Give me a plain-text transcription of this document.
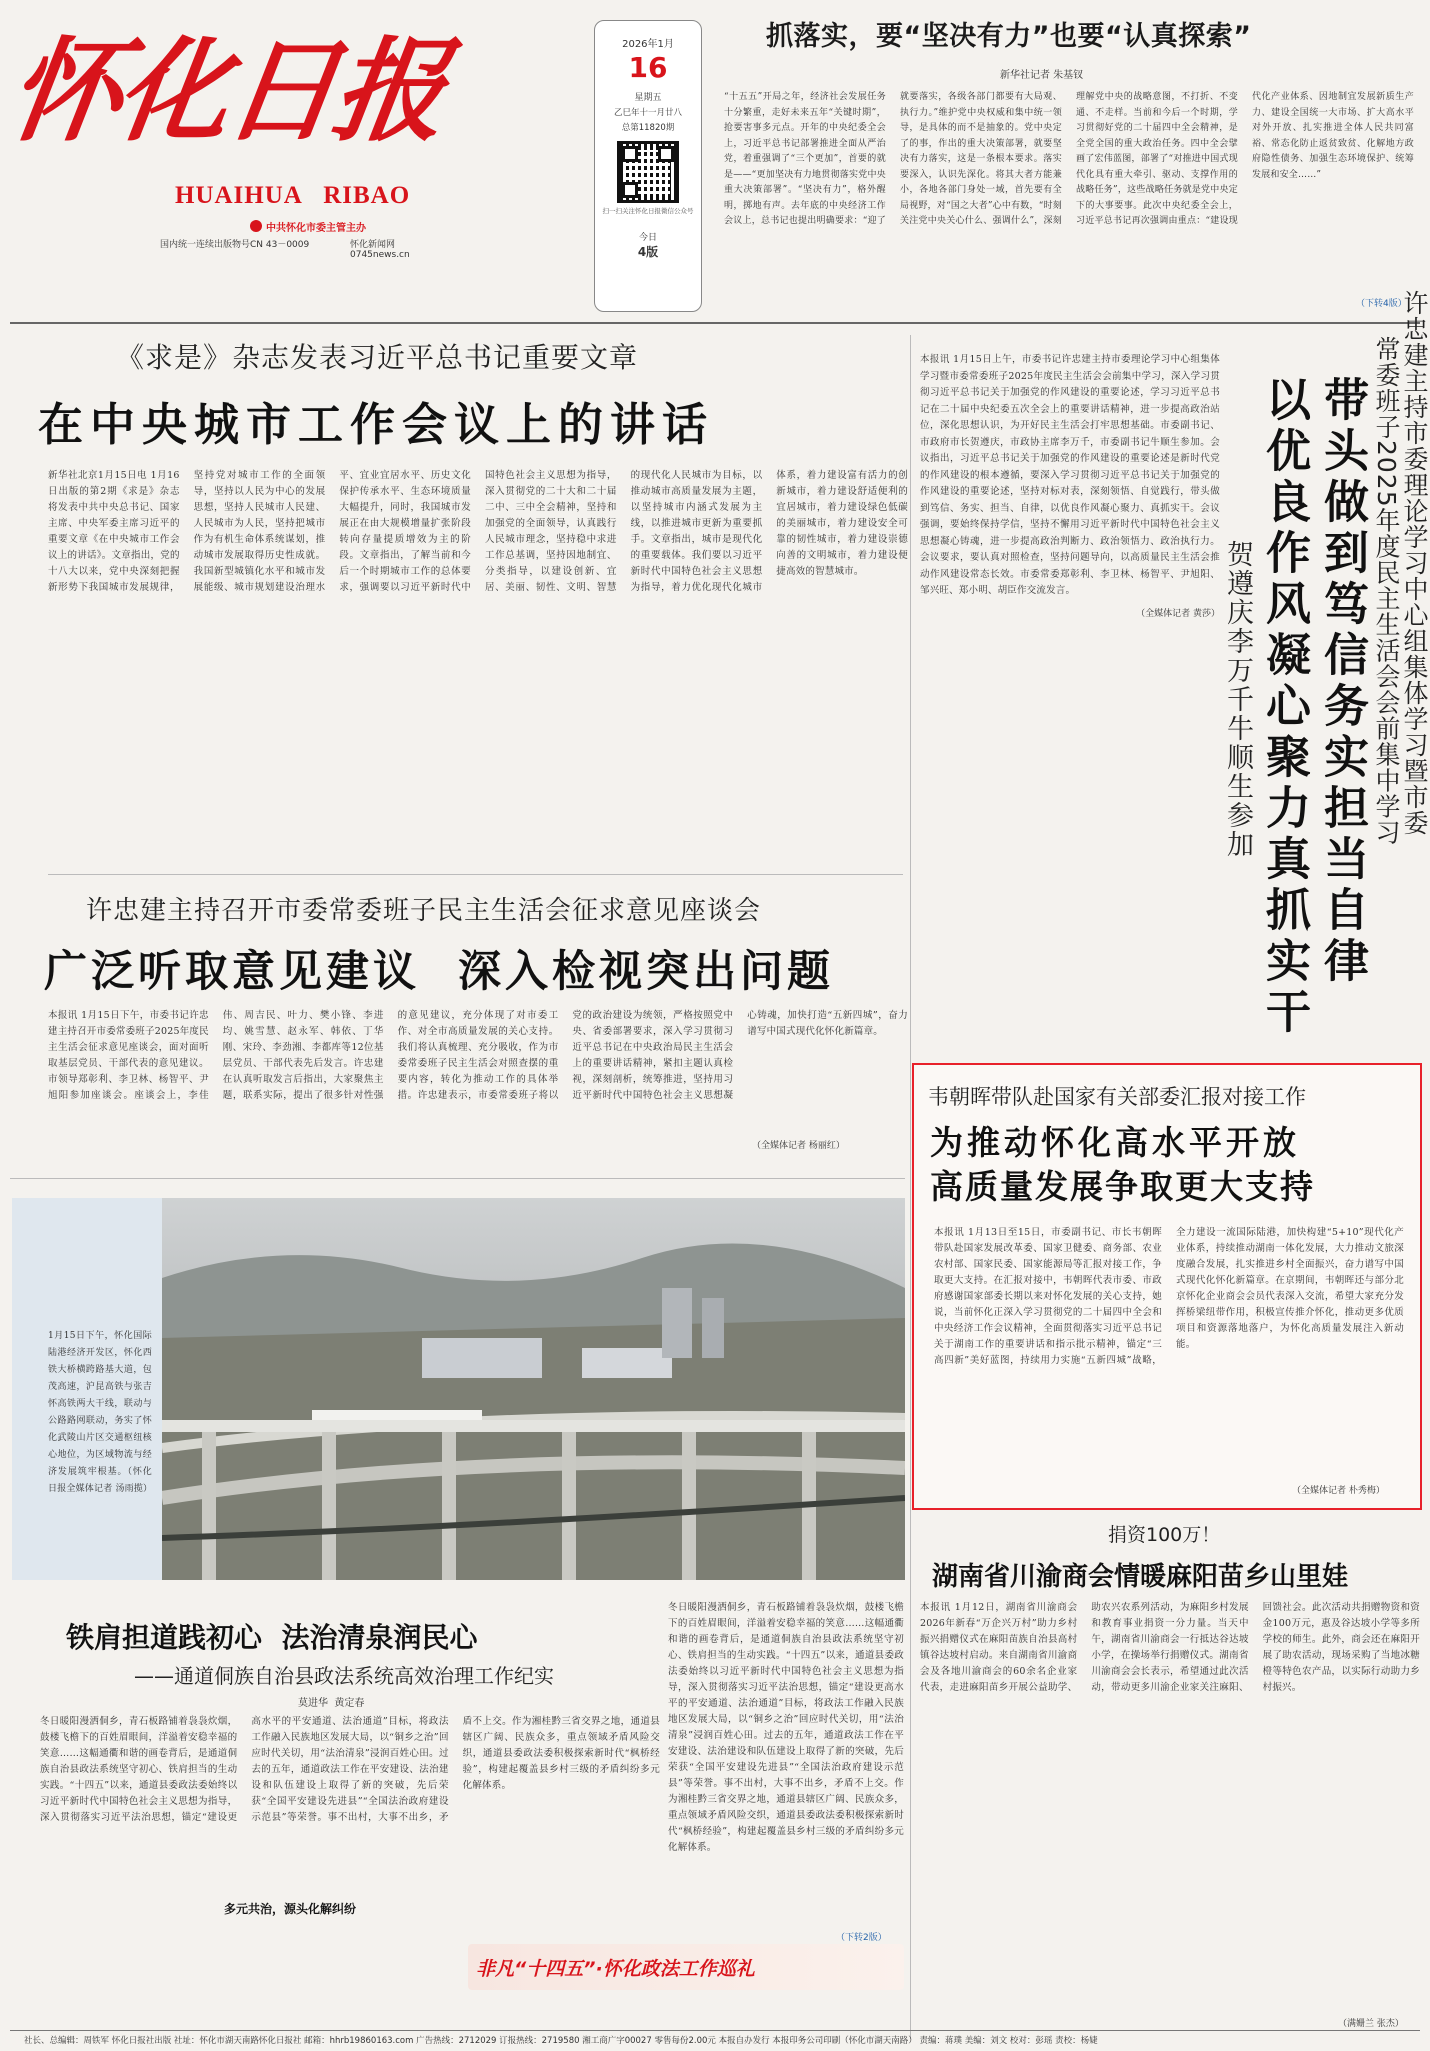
怀化日报
HUAIHUA   RIBAO
中共怀化市委主管主办
国内统一连续出版物号CN 43－0009	怀化新闻网0745news.cn
2026年1月
16
星期五
乙巳年十一月廿八
总第11820期
扫一扫关注怀化日报微信公众号
今日
4版
抓落实，要“坚决有力”也要“认真探索”
新华社记者 朱基钗
“十五五”开局之年，经济社会发展任务十分繁重，走好未来五年“关键时期”，抢要害事多元点。开年的中央纪委全会上，习近平总书记部署推进全面从严治党，着重强调了“三个更加”，首要的就是——“更加坚决有力地贯彻落实党中央重大决策部署”。“坚决有力”，格外醒明，掷地有声。去年底的中央经济工作会议上，总书记也提出明确要求：“迎了就要落实，各级各部门都要有大局观、执行力。”维护党中央权威和集中统一领导，是具体的而不是抽象的。党中央定了的事，作出的重大决策部署，就要坚决有力落实，这是一条根本要求。落实要深入，认识先深化。将其大者方能兼小，各地各部门身处一域，首先要有全局视野，对“国之大者”心中有数，“时刻关注党中央关心什么、强调什么”，深刻理解党中央的战略意图，不打折、不变通、不走样。当前和今后一个时期，学习贯彻好党的二十届四中全会精神，是全党全国的重大政治任务。四中全会擘画了宏伟蓝图，部署了“对推进中国式现代化具有重大牵引、驱动、支撑作用的战略任务”，这些战略任务就是党中央定下的大事要事。此次中央纪委全会上，习近平总书记再次强调由重点：“建设现代化产业体系、因地制宜发展新质生产力、建设全国统一大市场、扩大高水平对外开放、扎实推进全体人民共同富裕、常态化防止返贫致贫、化解地方政府隐性债务、加强生态环境保护、统筹发展和安全……”
（下转4版）
《求是》杂志发表习近平总书记重要文章
在中央城市工作会议上的讲话
新华社北京1月15日电 1月16日出版的第2期《求是》杂志将发表中共中央总书记、国家主席、中央军委主席习近平的重要文章《在中央城市工作会议上的讲话》。文章指出，党的十八大以来，党中央深刻把握新形势下我国城市发展规律，坚持党对城市工作的全面领导，坚持以人民为中心的发展思想，坚持人民城市人民建、人民城市为人民，坚持把城市作为有机生命体系统谋划，推动城市发展取得历史性成就。我国新型城镇化水平和城市发展能级、城市规划建设治理水平、宜业宜居水平、历史文化保护传承水平、生态环境质量大幅提升，同时，我国城市发展正在由大规模增量扩张阶段转向存量提质增效为主的阶段。文章指出，了解当前和今后一个时期城市工作的总体要求，强调要以习近平新时代中国特色社会主义思想为指导，深入贯彻党的二十大和二十届二中、三中全会精神，坚持和加强党的全面领导，认真践行人民城市理念，坚持稳中求进工作总基调，坚持因地制宜、分类指导，以建设创新、宜居、美丽、韧性、文明、智慧的现代化人民城市为目标，以推动城市高质量发展为主题，以坚持城市内涵式发展为主线，以推进城市更新为重要抓手。文章指出，城市是现代化的重要载体。我们要以习近平新时代中国特色社会主义思想为指导，着力优化现代化城市体系，着力建设富有活力的创新城市，着力建设舒适便利的宜居城市，着力建设绿色低碳的美丽城市，着力建设安全可靠的韧性城市，着力建设崇德向善的文明城市，着力建设便捷高效的智慧城市。
本报讯 1月15日上午，市委书记许忠建主持市委理论学习中心组集体学习暨市委常委班子2025年度民主生活会会前集中学习，深入学习贯彻习近平总书记关于加强党的作风建设的重要论述，学习习近平总书记在二十届中央纪委五次全会上的重要讲话精神，进一步提高政治站位，深化思想认识，为开好民主生活会打牢思想基础。市委副书记、市政府市长贺遵庆，市政协主席李万千，市委副书记牛顺生参加。会议指出，习近平总书记关于加强党的作风建设的重要论述是新时代党的作风建设的根本遵循，要深入学习贯彻习近平总书记关于加强党的作风建设的重要论述，坚持对标对表，深刻领悟、自觉践行，带头做到笃信、务实、担当、自律，以优良作风凝心聚力、真抓实干。会议强调，要始终保持学信，坚持不懈用习近平新时代中国特色社会主义思想凝心铸魂，进一步提高政治判断力、政治领悟力、政治执行力。会议要求，要认真对照检查，坚持问题导向，以高质量民主生活会推动作风建设常态长效。市委常委郑彰利、李卫林、杨智平、尹旭阳、邹兴旺、郑小明、胡臣作交流发言。
（全媒体记者 黄莎） 贺遵庆李万千牛顺生参加 以优良作风凝心聚力真抓实干 带头做到笃信务实担当自律 常委班子2025年度民主生活会会前集中学习 许忠建主持市委理论学习中心组集体学习暨市委
许忠建主持召开市委常委班子民主生活会征求意见座谈会
广泛听取意见建议  深入检视突出问题
本报讯 1月15日下午，市委书记许忠建主持召开市委常委班子2025年度民主生活会征求意见座谈会，面对面听取基层党员、干部代表的意见建议。市领导郑彰利、李卫林、杨智平、尹旭阳参加座谈会。座谈会上，李佳伟、周吉民、叶力、樊小锋、李进均、姚雪慧、赵永军、韩依、丁华刚、宋玲、李劲湘、李都库等12位基层党员、干部代表先后发言。许忠建在认真听取发言后指出，大家聚焦主题，联系实际，提出了很多针对性强的意见建议，充分体现了对市委工作、对全市高质量发展的关心支持。我们将认真梳理、充分吸收，作为市委常委班子民主生活会对照查摆的重要内容，转化为推动工作的具体举措。许忠建表示，市委常委班子将以党的政治建设为统领，严格按照党中央、省委部署要求，深入学习贯彻习近平总书记在中央政治局民主生活会上的重要讲话精神，紧扣主题认真检视，深刻剖析，统筹推进，坚持用习近平新时代中国特色社会主义思想凝心铸魂，加快打造“五新四城”，奋力谱写中国式现代化怀化新篇章。
（全媒体记者 杨丽红）
1月15日下午，怀化国际陆港经济开发区，怀化西铁大桥横跨路基大道，包茂高速，沪昆高铁与张吉怀高铁两大干线，联动与公路路网联动，务实了怀化武陵山片区交通枢纽核心地位，为区域物流与经济发展筑牢根基。（怀化日报全媒体记者 汤雨揽）
韦朝晖带队赴国家有关部委汇报对接工作
为推动怀化高水平开放
高质量发展争取更大支持
本报讯 1月13日至15日，市委副书记、市长韦朝晖带队赴国家发展改革委、国家卫健委、商务部、农业农村部、国家民委、国家能源局等汇报对接工作，争取更大支持。在汇报对接中，韦朝晖代表市委、市政府感谢国家部委长期以来对怀化发展的关心支持，她说，当前怀化正深入学习贯彻党的二十届四中全会和中央经济工作会议精神，全面贯彻落实习近平总书记关于湖南工作的重要讲话和指示批示精神，锚定“三高四新”美好蓝图，持续用力实施“五新四城”战略，全力建设一流国际陆港，加快构建“5+10”现代化产业体系，持续推动湖南一体化发展，大力推动文旅深度融合发展，扎实推进乡村全面振兴，奋力谱写中国式现代化怀化新篇章。在京期间，韦朝晖还与部分北京怀化企业商会会员代表深入交流，希望大家充分发挥桥梁纽带作用，积极宣传推介怀化，推动更多优质项目和资源落地落户，为怀化高质量发展注入新动能。
（全媒体记者 朴秀梅）
捐资100万！
湖南省川渝商会情暖麻阳苗乡山里娃
本报讯 1月12日，湖南省川渝商会2026年新春“万企兴万村”助力乡村振兴捐赠仪式在麻阳苗族自治县高村镇谷达坡村启动。来自湖南省川渝商会及各地川渝商会的60余名企业家代表，走进麻阳苗乡开展公益助学、助农兴农系列活动，为麻阳乡村发展和教育事业捐资一分力量。当天中午，湖南省川渝商会一行抵达谷达坡小学，在操场举行捐赠仪式。湖南省川渝商会会长表示，希望通过此次活动，带动更多川渝企业家关注麻阳、回馈社会。此次活动共捐赠物资和资金100万元，惠及谷达坡小学等多所学校的师生。此外，商会还在麻阳开展了助农活动，现场采购了当地冰糖橙等特色农产品，以实际行动助力乡村振兴。
（满姗兰 张杰）
铁肩担道践初心  法治清泉润民心
——通道侗族自治县政法系统高效治理工作纪实
莫进华  黄定春
冬日暖阳漫洒侗乡，青石板路铺着袅袅炊烟，鼓楼飞檐下的百姓眉眼间，洋溢着安稳幸福的笑意……这幅通衢和谐的画卷背后，是通道侗族自治县政法系统坚守初心、铁肩担当的生动实践。“十四五”以来，通道县委政法委始终以习近平新时代中国特色社会主义思想为指导，深入贯彻落实习近平法治思想，锚定“建设更高水平的平安通道、法治通道”目标，将政法工作融入民族地区发展大局，以“铜乡之治”回应时代关切，用“法治清泉”浸润百姓心田。过去的五年，通道政法工作在平安建设、法治建设和队伍建设上取得了新的突破，先后荣获“全国平安建设先进县”“全国法治政府建设示范县”等荣誉。事不出村，大事不出乡，矛盾不上交。作为湘桂黔三省交界之地，通道县辖区广阔、民族众多，重点领域矛盾风险交织，通道县委政法委积极探索新时代“枫桥经验”，构建起覆盖县乡村三级的矛盾纠纷多元化解体系。
多元共治，源头化解纠纷
冬日暖阳漫洒侗乡，青石板路铺着袅袅炊烟，鼓楼飞檐下的百姓眉眼间，洋溢着安稳幸福的笑意……这幅通衢和谐的画卷背后，是通道侗族自治县政法系统坚守初心、铁肩担当的生动实践。“十四五”以来，通道县委政法委始终以习近平新时代中国特色社会主义思想为指导，深入贯彻落实习近平法治思想，锚定“建设更高水平的平安通道、法治通道”目标，将政法工作融入民族地区发展大局，以“铜乡之治”回应时代关切，用“法治清泉”浸润百姓心田。过去的五年，通道政法工作在平安建设、法治建设和队伍建设上取得了新的突破，先后荣获“全国平安建设先进县”“全国法治政府建设示范县”等荣誉。事不出村，大事不出乡，矛盾不上交。作为湘桂黔三省交界之地，通道县辖区广阔、民族众多，重点领域矛盾风险交织，通道县委政法委积极探索新时代“枫桥经验”，构建起覆盖县乡村三级的矛盾纠纷多元化解体系。
（下转2版）
非凡“十四五”·怀化政法工作巡礼
社长、总编辑：周铁军 怀化日报社出版 社址：怀化市湖天南路怀化日报社 邮箱：hhrb19860163.com 广告热线：2712029 订报热线：2719580 湘工商广字00027 零售每份2.00元 本报自办发行 本报印务公司印刷（怀化市湖天南路） 责编：蒋璞 美编：刘文 校对：彭瑶 责校：杨婕
